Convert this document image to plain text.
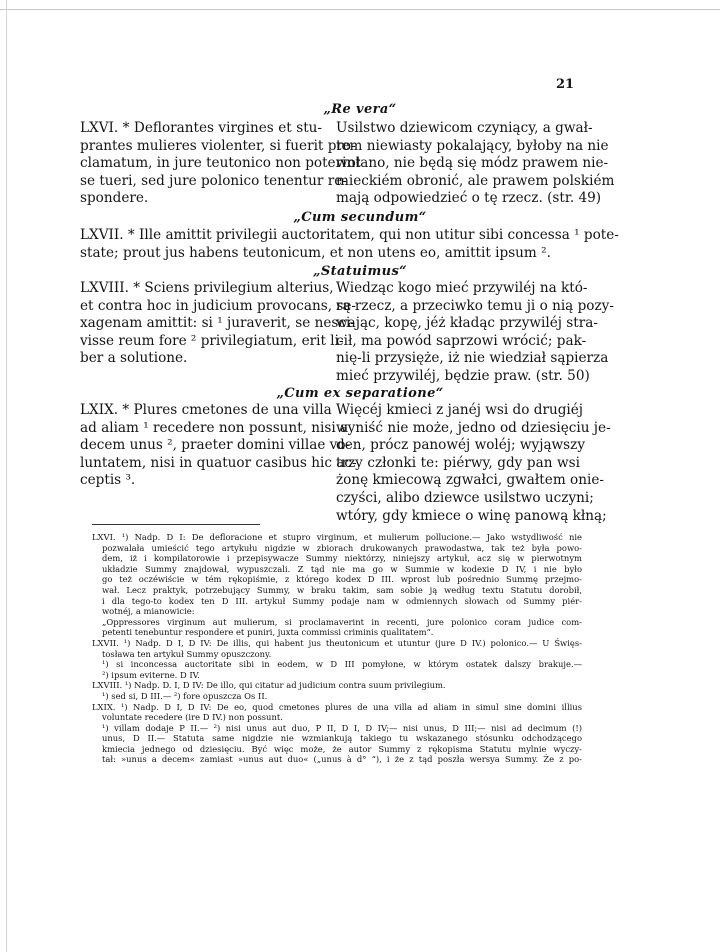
21
„Re vera“
LXVI. * Deflorantes virgines et stu-
prantes mulieres violenter, si fuerit pro-
clamatum, in jure teutonico non poterint
se tueri, sed jure polonico tenentur re-
spondere.
Usilstwo dziewicom czyniący, a gwał-
tem niewiasty pokalający, byłoby na nie
wołano, nie będą się módz prawem nie-
mieckiém obronić, ale prawem polskiém
mają odpowiedzieć o tę rzecz. (str. 49)
„Cum secundum“
LXVII. * Ille amittit privilegii auctoritatem, qui non utitur sibi concessa ¹ pote-
state; prout jus habens teutonicum, et non utens eo, amittit ipsum ².
„Statuimus“
LXVIII. * Sciens privilegium alterius,
et contra hoc in judicium provocans, se-
xagenam amittit: si ¹ juraverit, se nesci-
visse reum fore ² privilegiatum, erit li-
ber a solutione.
Wiedząc kogo mieć przywiléj na któ-
rą rzecz, a przeciwko temu ji o nią pozy-
wając, kopę, jéż kładąc przywiléj stra-
cił, ma powód saprzowi wrócić; pak-
nię-li przysięże, iż nie wiedział sąpierza
mieć przywiléj, będzie praw. (str. 50)
„Cum ex separatione“
LXIX. * Plures cmetones de una villa
ad aliam ¹ recedere non possunt, nisi a
decem unus ², praeter domini villae vo-
luntatem, nisi in quatuor casibus hic ac-
ceptis ³.
Więcéj kmieci z janéj wsi do drugiéj
wyniść nie może, jedno od dziesięciu je-
den, prócz panowéj woléj; wyjąwszy
trzy członki te: piérwy, gdy pan wsi
żonę kmiecową zgwałci, gwałtem onie-
czyści, alibo dziewce usilstwo uczyni;
wtóry, gdy kmiece o winę panową kłną;
LXVI. ¹) Nadp. D I: De defloracione et stupro virginum, et mulierum pollucione.— Jako wstydliwość nie
pozwalała umieścić tego artykułu nigdzie w zbiorach drukowanych prawodastwa, tak też była powo-
dem, iż i kompilatorowie i przepisywacze Summy niektórzy, niniejszy artykuł, acz się w pierwotnym
układzie Summy znajdował, wypuszczali. Z tąd nie ma go w Summie w kodexie D IV, i nie było
go też oczéwiście w tém rękopiśmie, z którego kodex D III. wprost lub pośrednio Summę przejmo-
wał. Lecz praktyk, potrzebujący Summy, w braku takim, sam sobie ją według textu Statutu dorobił,
i dla tego-to kodex ten D III. artykuł Summy podaje nam w odmiennych słowach od Summy piér-
wotnéj, a mianowicie:
„Oppressores virginum aut mulierum, si proclamaverint in recenti, jure polonico coram judice com-
petenti tenebuntur respondere et puniri, juxta commissi criminis qualitatem“.
LXVII. ¹) Nadp. D I, D IV: De illis, qui habent jus theutonicum et utuntur (jure D IV.) polonico.— U Święs-
tosława ten artykuł Summy opuszczony.
¹) si inconcessa auctoritate sibi in eodem, w D III pomyłone, w którym ostatek dalszy brakuje.—
²) ipsum eviterne. D IV.
LXVIII. ¹) Nadp. D. I, D IV: De illo, qui citatur ad judicium contra suum privilegium.
¹) sed si, D III.— ²) fore opuszcza Os II.
LXIX. ¹) Nadp. D I, D IV: De eo, quod cmetones plures de una villa ad aliam in simul sine domini illius
voluntate recedere (ire D IV.) non possunt.
¹) villam dodaje P II.— ²) nisi unus aut duo, P II, D I, D IV;— nisi unus, D III;— nisi ad decimum (!)
unus, D II.— Statuta same nigdzie nie wzmiankują takiego tu wskazanego stósunku odchodzącego
kmiecia jednego od dziesięciu. Być więc może, że autor Summy z rękopisma Statutu mylnie wyczy-
tał: »unus a decem« zamiast »unus aut duo« („unus à d° “), i że z tąd poszła wersya Summy. Że z po-
